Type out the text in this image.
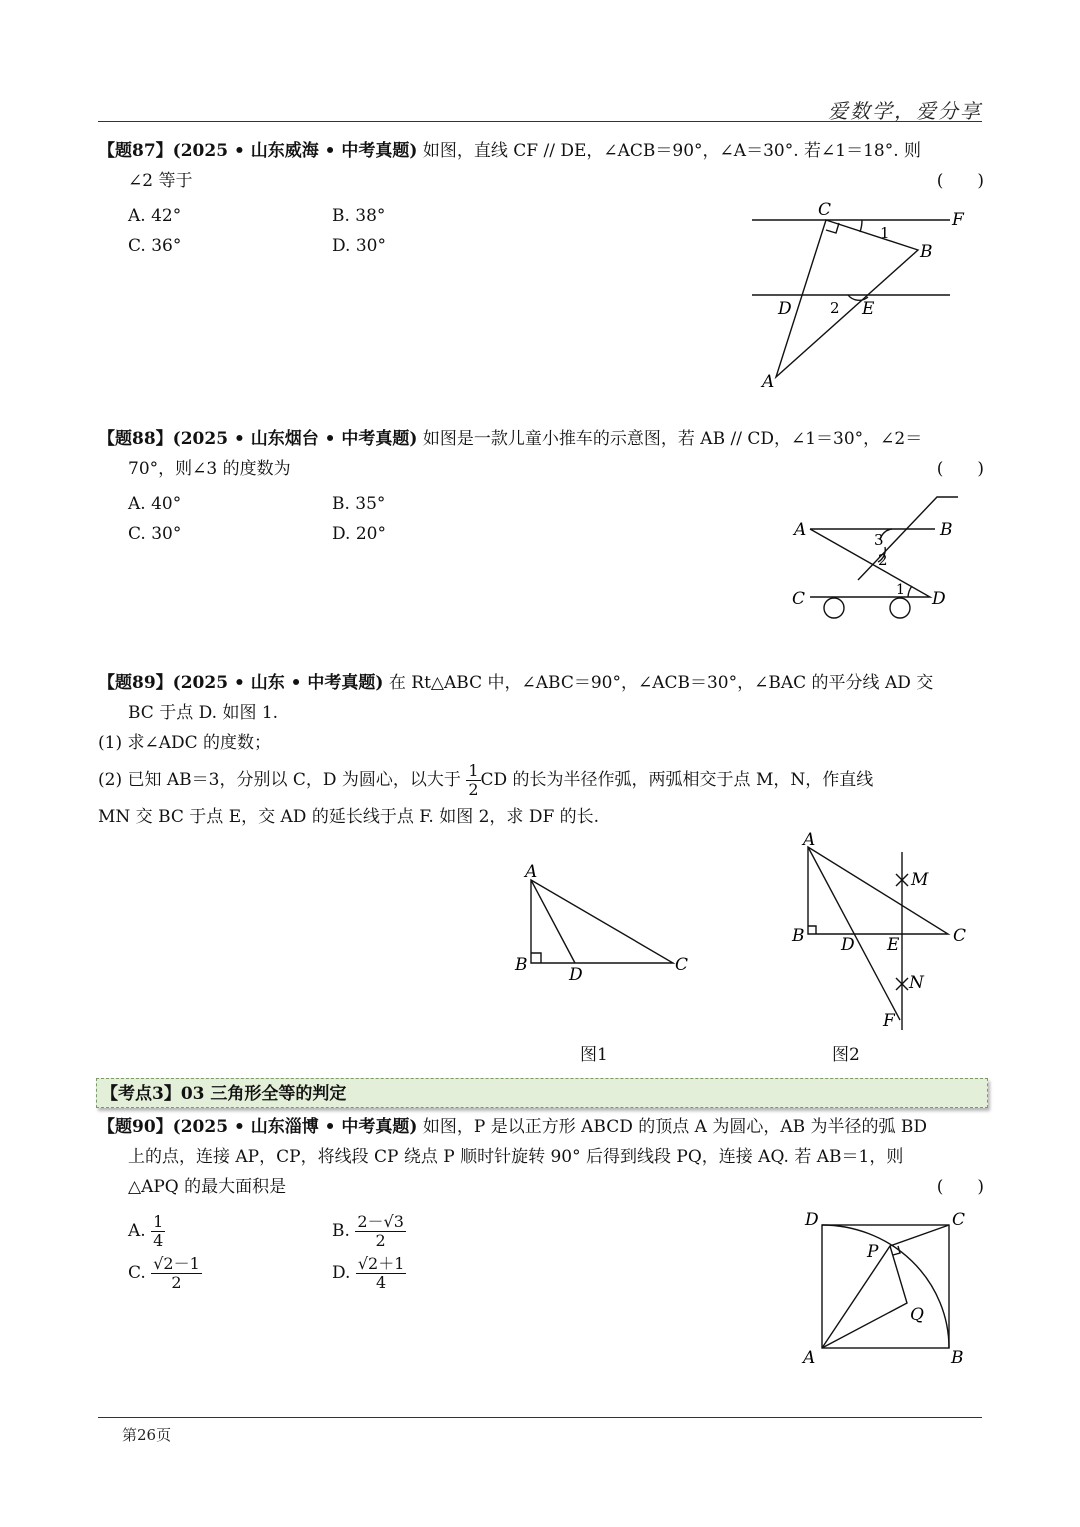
爱数学，爱分享
【题87】(2025 • 山东威海 • 中考真题) 如图，直线 CF // DE，∠ACB＝90°，∠A＝30°. 若∠1＝18°. 则
∠2 等于	(　　)
A. 42°	B. 38°
C. 36°	D. 30°
C	F
B
D	E
A
1
2
【题88】(2025 • 山东烟台 • 中考真题) 如图是一款儿童小推车的示意图，若 AB // CD，∠1＝30°，∠2＝
70°，则∠3 的度数为	(　　)
A. 40°	B. 35°
C. 30°	D. 20°	A	B
C	D
3
2
1
【题89】(2025 • 山东 • 中考真题) 在 Rt△ABC 中，∠ABC＝90°，∠ACB＝30°，∠BAC 的平分线 AD 交
BC 于点 D. 如图 1.
(1) 求∠ADC 的度数；
(2) 已知 AB＝3，分别以 C，D 为圆心，以大于 $\frac{1}{2}$ CD 的长为半径作弧，两弧相交于点 M，N，作直线
MN 交 BC 于点 E，交 AD 的延长线于点 F. 如图 2，求 DF 的长.
A
B	C
D
图1
A
B	C
D E
F
M
N
图2
【考点3】03 三角形全等的判定
【题90】(2025 • 山东淄博 • 中考真题) 如图，P 是以正方形 ABCD 的顶点 A 为圆心，AB 为半径的弧 BD
上的点，连接 AP，CP，将线段 CP 绕点 P 顺时针旋转 90° 后得到线段 PQ，连接 AQ. 若 AB＝1，则
△APQ 的最大面积是	(　　)
A. $\frac{1}{4}$	B. $\frac{2-√3}{2}$
C. $\frac{√2-1}{2}$	D. $\frac{√2+1}{4}$
D	C
P
Q
A	B
第26页
